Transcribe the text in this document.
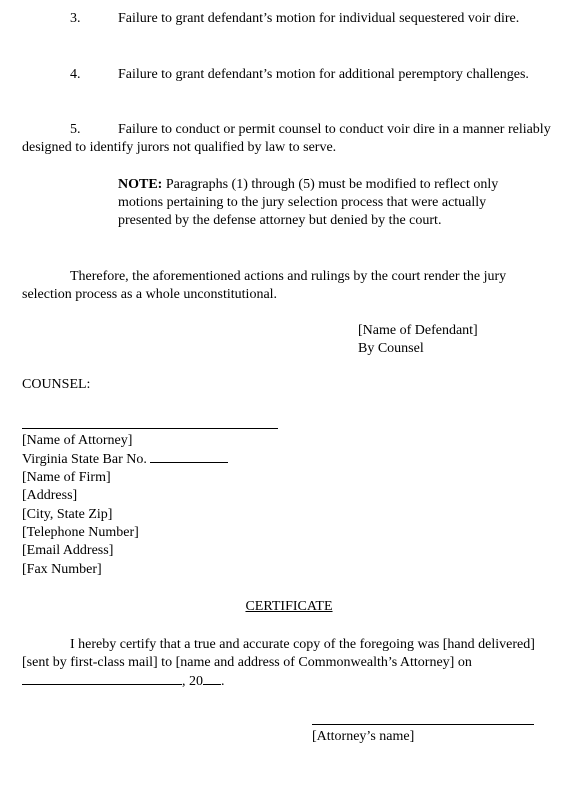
3.	Failure to grant defendant’s motion for individual sequestered voir dire.

4.	Failure to grant defendant’s motion for additional peremptory challenges.

5.	Failure to conduct or permit counsel to conduct voir dire in a manner reliably designed to identify jurors not qualified by law to serve.

NOTE: Paragraphs (1) through (5) must be modified to reflect only motions pertaining to the jury selection process that were actually presented by the defense attorney but denied by the court.

Therefore, the aforementioned actions and rulings by the court render the jury selection process as a whole unconstitutional.

[Name of Defendant]
By Counsel

COUNSEL:

[Name of Attorney]
Virginia State Bar No.
[Name of Firm]
[Address]
[City, State Zip]
[Telephone Number]
[Email Address]
[Fax Number]

CERTIFICATE

I hereby certify that a true and accurate copy of the foregoing was [hand delivered] [sent by first-class mail] to [name and address of Commonwealth’s Attorney] on , 20 .

[Attorney’s name]
